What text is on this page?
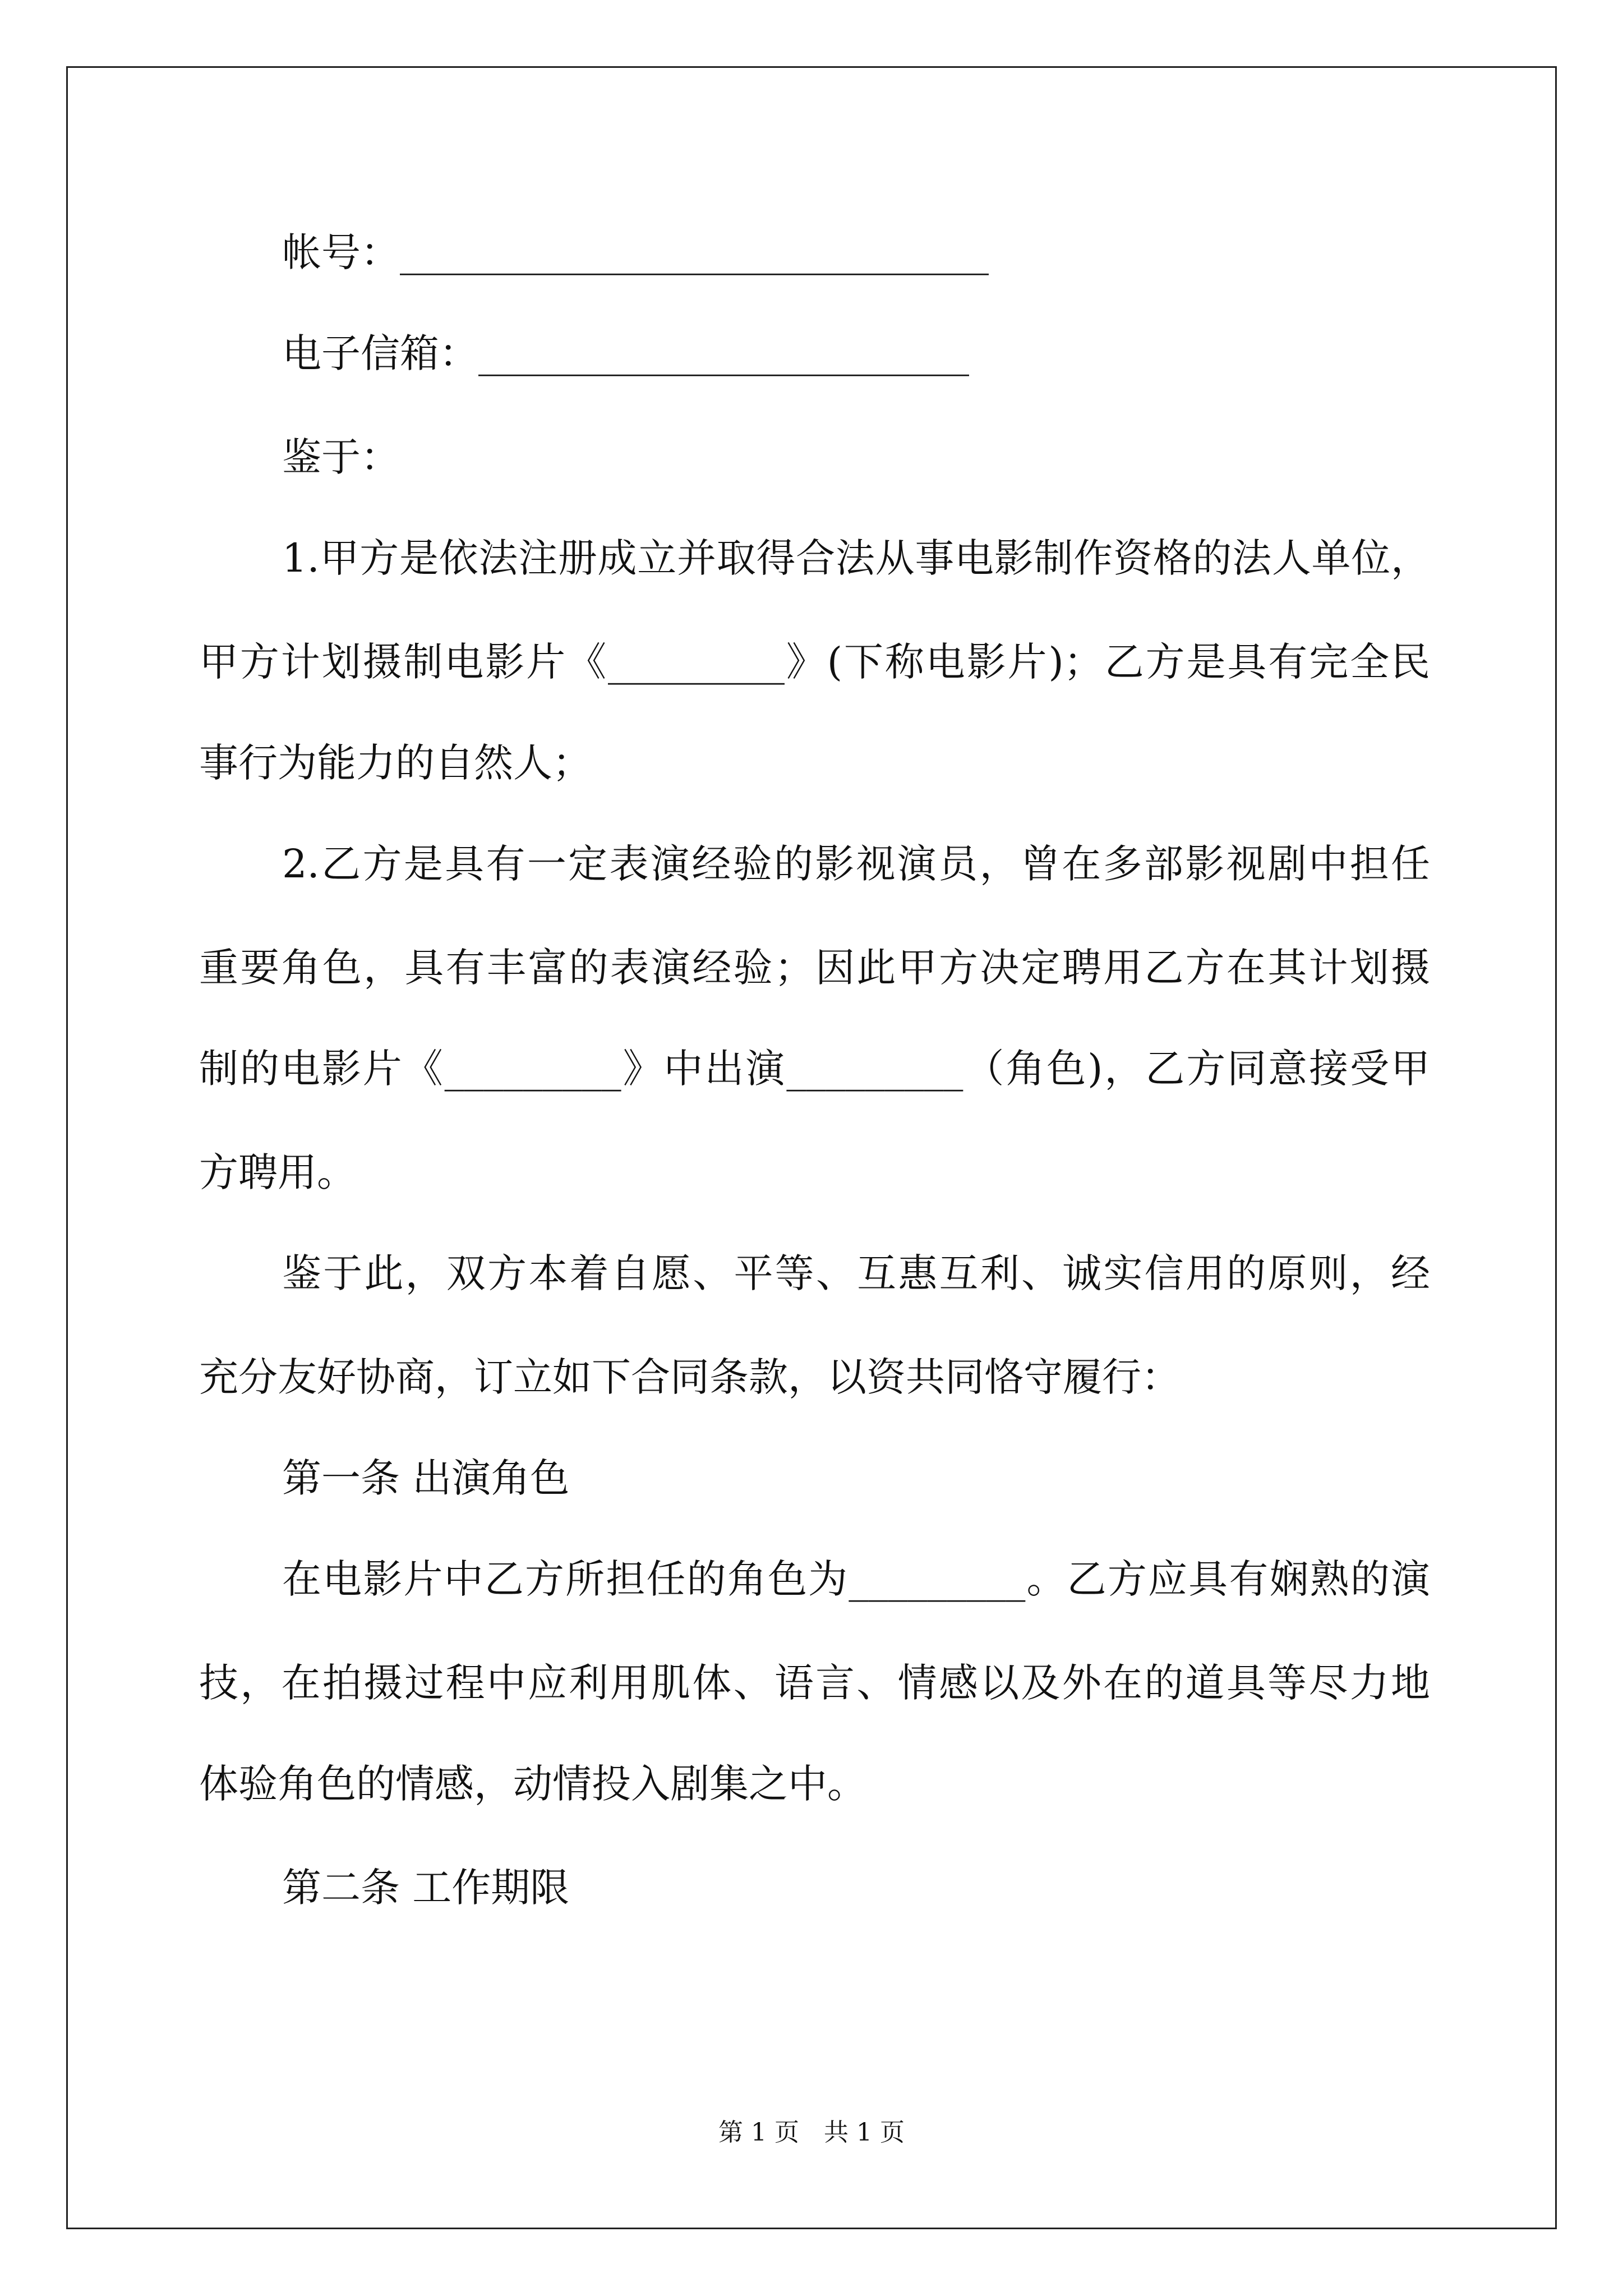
帐号：______________________________
电子信箱：_________________________
鉴于：
1.甲方是依法注册成立并取得合法从事电影制作资格的法人单位，
甲方计划摄制电影片《_________》(下称电影片)；乙方是具有完全民
事行为能力的自然人；
2.乙方是具有一定表演经验的影视演员，曾在多部影视剧中担任
重要角色，具有丰富的表演经验；因此甲方决定聘用乙方在其计划摄
制的电影片《_________》中出演_________（角色)，乙方同意接受甲
方聘用。
鉴于此，双方本着自愿、平等、互惠互利、诚实信用的原则，经
充分友好协商，订立如下合同条款，以资共同恪守履行：
第一条 出演角色
在电影片中乙方所担任的角色为_________。乙方应具有娴熟的演
技，在拍摄过程中应利用肌体、语言、情感以及外在的道具等尽力地
体验角色的情感，动情投入剧集之中。
第二条 工作期限
第 1 页　共 1 页
